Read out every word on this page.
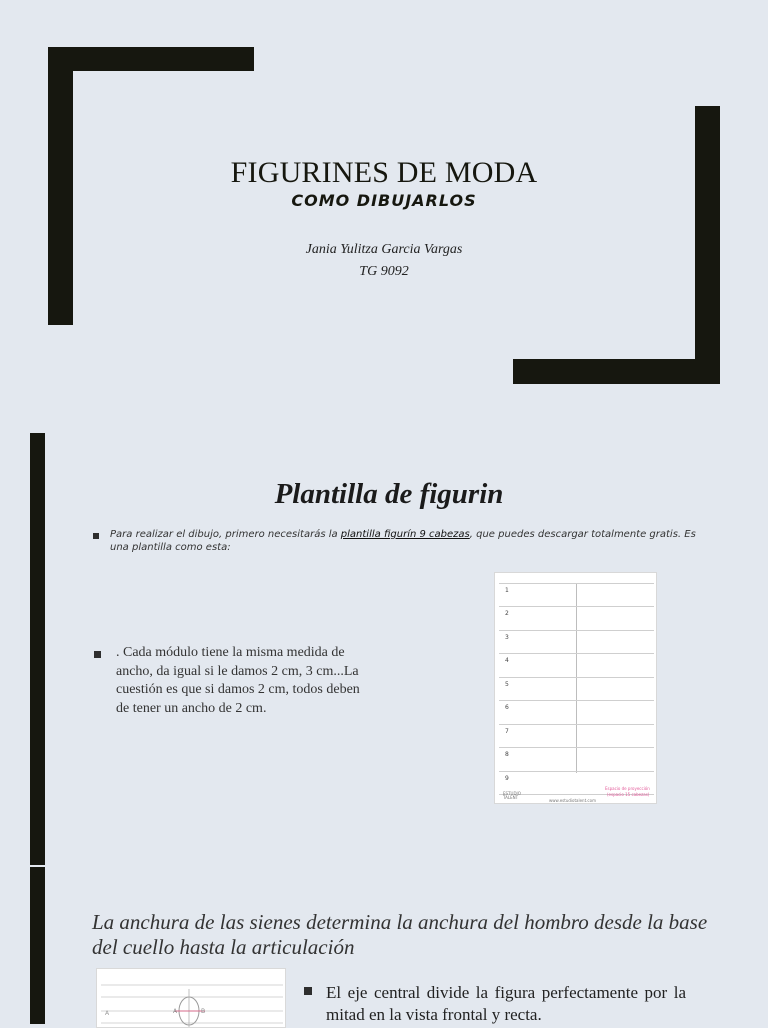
FIGURINES DE MODA
COMO DIBUJARLOS
Jania Yulitza Garcia Vargas
TG 9092
Plantilla de figurin
Para realizar el dibujo, primero necesitarás la plantilla figurín 9 cabezas, que puedes descargar totalmente gratis. Es una plantilla como esta:
. Cada módulo tiene la misma medida de ancho, da igual si le damos 2 cm, 3 cm...La cuestión es que si damos 2 cm, todos deben de tener un ancho de 2 cm.
1
2
3
4
5
6
7
8
9
ESTUDIO TALENT
www.estudiotalent.com
Espacio de proyección
(espacio 15 cabezas)
La anchura de las sienes determina la anchura del hombro desde la base del cuello hasta la articulación
A	A	B
El eje central divide la figura perfectamente por la mitad en la vista frontal y recta.
